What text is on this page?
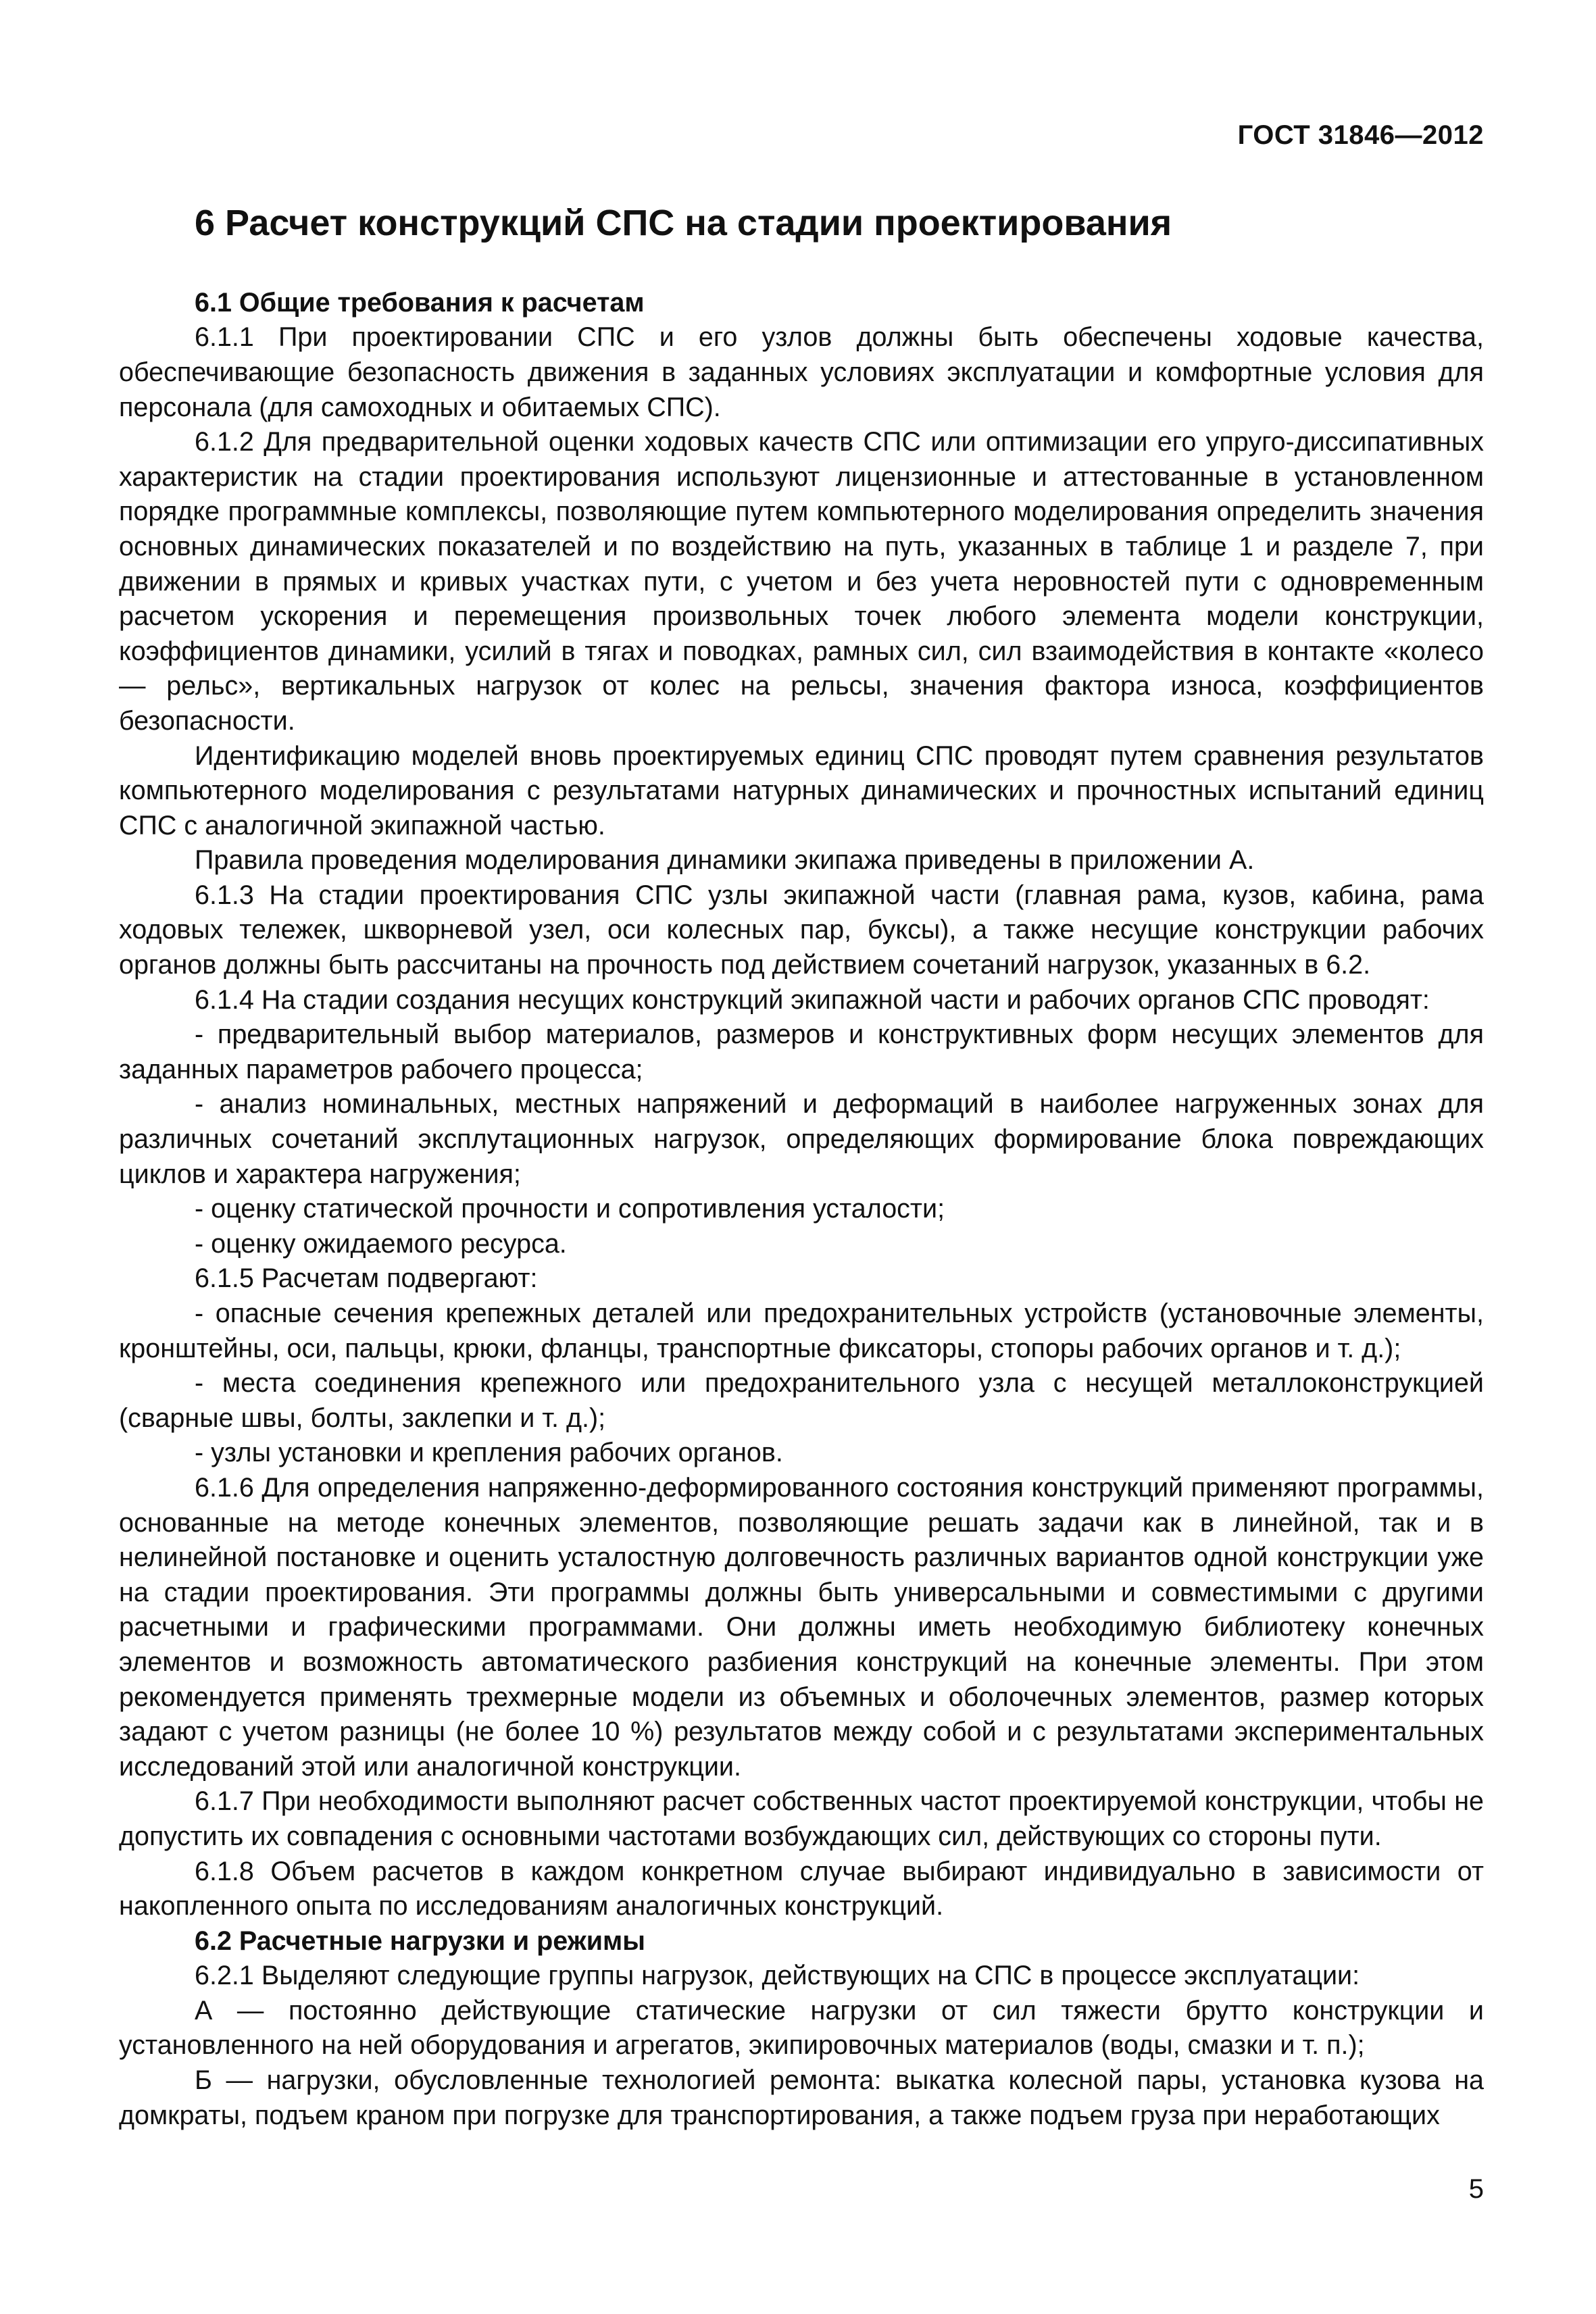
ГОСТ 31846—2012
6 Расчет конструкций СПС на стадии проектирования

6.1 Общие требования к расчетам

6.1.1 При проектировании СПС и его узлов должны быть обеспечены ходовые качества, обеспечивающие безопасность движения в заданных условиях эксплуатации и комфортные условия для персонала (для самоходных и обитаемых СПС).

6.1.2 Для предварительной оценки ходовых качеств СПС или оптимизации его упруго-диссипативных характеристик на стадии проектирования используют лицензионные и аттестованные в установленном порядке программные комплексы, позволяющие путем компьютерного моделирования определить значения основных динамических показателей и по воздействию на путь, указанных в таблице 1 и разделе 7, при движении в прямых и кривых участках пути, с учетом и без учета неровностей пути с одновременным расчетом ускорения и перемещения произвольных точек любого элемента модели конструкции, коэффициентов динамики, усилий в тягах и поводках, рамных сил, сил взаимодействия в контакте «колесо — рельс», вертикальных нагрузок от колес на рельсы, значения фактора износа, коэффициентов безопасности.

Идентификацию моделей вновь проектируемых единиц СПС проводят путем сравнения результатов компьютерного моделирования с результатами натурных динамических и прочностных испытаний единиц СПС с аналогичной экипажной частью.

Правила проведения моделирования динамики экипажа приведены в приложении А.

6.1.3 На стадии проектирования СПС узлы экипажной части (главная рама, кузов, кабина, рама ходовых тележек, шкворневой узел, оси колесных пар, буксы), а также несущие конструкции рабочих органов должны быть рассчитаны на прочность под действием сочетаний нагрузок, указанных в 6.2.

6.1.4 На стадии создания несущих конструкций экипажной части и рабочих органов СПС проводят:

- предварительный выбор материалов, размеров и конструктивных форм несущих элементов для заданных параметров рабочего процесса;

- анализ номинальных, местных напряжений и деформаций в наиболее нагруженных зонах для различных сочетаний эксплутационных нагрузок, определяющих формирование блока повреждающих циклов и характера нагружения;

- оценку статической прочности и сопротивления усталости;

- оценку ожидаемого ресурса.

6.1.5 Расчетам подвергают:

- опасные сечения крепежных деталей или предохранительных устройств (установочные элементы, кронштейны, оси, пальцы, крюки, фланцы, транспортные фиксаторы, стопоры рабочих органов и т. д.);

- места соединения крепежного или предохранительного узла с несущей металлоконструкцией (сварные швы, болты, заклепки и т. д.);

- узлы установки и крепления рабочих органов.

6.1.6 Для определения напряженно-деформированного состояния конструкций применяют программы, основанные на методе конечных элементов, позволяющие решать задачи как в линейной, так и в нелинейной постановке и оценить усталостную долговечность различных вариантов одной конструкции уже на стадии проектирования. Эти программы должны быть универсальными и совместимыми с другими расчетными и графическими программами. Они должны иметь необходимую библиотеку конечных элементов и возможность автоматического разбиения конструкций на конечные элементы. При этом рекомендуется применять трехмерные модели из объемных и оболочечных элементов, размер которых задают с учетом разницы (не более 10 %) результатов между собой и с результатами экспериментальных исследований этой или аналогичной конструкции.

6.1.7 При необходимости выполняют расчет собственных частот проектируемой конструкции, чтобы не допустить их совпадения с основными частотами возбуждающих сил, действующих со стороны пути.

6.1.8 Объем расчетов в каждом конкретном случае выбирают индивидуально в зависимости от накопленного опыта по исследованиям аналогичных конструкций.

6.2 Расчетные нагрузки и режимы

6.2.1 Выделяют следующие группы нагрузок, действующих на СПС в процессе эксплуатации:

А — постоянно действующие статические нагрузки от сил тяжести брутто конструкции и установленного на ней оборудования и агрегатов, экипировочных материалов (воды, смазки и т. п.);

Б — нагрузки, обусловленные технологией ремонта: выкатка колесной пары, установка кузова на домкраты, подъем краном при погрузке для транспортирования, а также подъем груза при неработающих

5
